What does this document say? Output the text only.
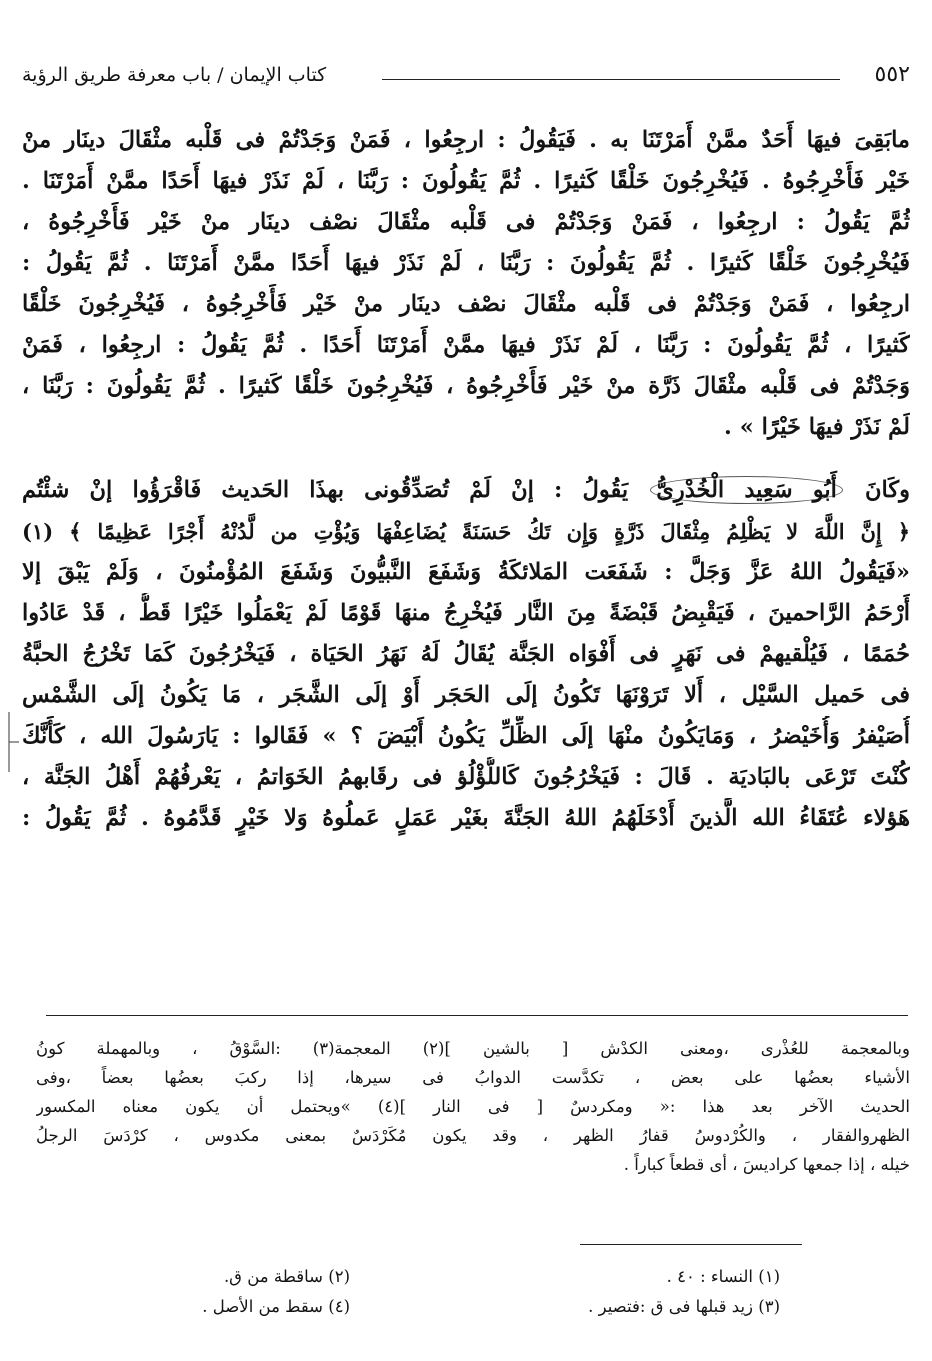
٥٥٢
كتاب الإيمان / باب معرفة طريق الرؤية
مابَقِىَ فيهَا أَحَدٌ ممَّنْ أَمَرْتَنَا به . فَيَقُولُ : ارجِعُوا ، فَمَنْ وَجَدْتُمْ فى قَلْبه مثْقَالَ دينَار منْ
خَيْر فَأَخْرِجُوهُ . فَيُخْرِجُونَ خَلْقًا كَثيرًا . ثُمَّ يَقُولُونَ : رَبَّنَا ، لَمْ نَذَرْ فيهَا أَحَدًا ممَّنْ أَمَرْتَنَا .
ثُمَّ يَقُولُ : ارجِعُوا ، فَمَنْ وَجَدْتُمْ فى قَلْبه مثْقَالَ نصْف دينَار منْ خَيْر فَأَخْرِجُوهُ ،
فَيُخْرِجُونَ خَلْقًا كَثيرًا . ثُمَّ يَقُولُونَ : رَبَّنَا ، لَمْ نَذَرْ فيهَا أَحَدًا ممَّنْ أَمَرْتَنَا . ثُمَّ يَقُولُ :
ارجِعُوا ، فَمَنْ وَجَدْتُمْ فى قَلْبه مثْقَالَ نصْف دينَار منْ خَيْر فَأَخْرِجُوهُ ، فَيُخْرِجُونَ خَلْقًا
كَثيرًا ، ثُمَّ يَقُولُونَ : رَبَّنَا ، لَمْ نَذَرْ فيهَا ممَّنْ أَمَرْتَنَا أَحَدًا . ثُمَّ يَقُولُ : ارجِعُوا ، فَمَنْ
وَجَدْتُمْ فى قَلْبه مثْقَالَ ذَرَّة منْ خَيْر فَأَخْرِجُوهُ ، فَيُخْرِجُونَ خَلْقًا كَثيرًا . ثُمَّ يَقُولُونَ : رَبَّنَا ،
لَمْ نَذَرْ فيهَا خَيْرًا » .
وكَانَ أَبُو سَعِيد الْخُدْرِىُّ يَقُولُ : إنْ لَمْ تُصَدِّقُونى بهذَا الحَديث فَاقْرَؤُوا إنْ شئْتُم
﴿ إِنَّ اللَّهَ لا يَظْلِمُ مِثْقَالَ ذَرَّةٍ وَإِن تَكُ حَسَنَةً يُضَاعِفْهَا وَيُؤْتِ من لَّدُنْهُ أَجْرًا عَظِيمًا ﴾ (١)
«فَيَقُولُ اللهُ عَزَّ وَجَلَّ : شَفَعَت المَلائكَةُ وَشَفَعَ النَّبيُّونَ وَشَفَعَ المُؤْمنُونَ ، وَلَمْ يَبْقَ إلا
أَرْحَمُ الرَّاحمينَ ، فَيَقْبِضُ قَبْضَةً مِنَ النَّار فَيُخْرِجُ منهَا قَوْمًا لَمْ يَعْمَلُوا خَيْرًا قَطُّ ، قَدْ عَادُوا
حُمَمًا ، فَيُلْقيهمْ فى نَهَرٍ فى أَفْوَاه الجَنَّة يُقَالُ لَهُ نَهَرُ الحَيَاة ، فَيَخْرُجُونَ كَمَا تَخْرُجُ الحبَّةُ
فى حَميل السَّيْل ، أَلا تَرَوْنَهَا تَكُونُ إلَى الحَجَر أَوْ إلَى الشَّجَر ، مَا يَكُونُ إلَى الشَّمْس
أُصَيْفرُ وَأُخَيْضرُ ، وَمَايَكُونُ منْهَا إلَى الظِّلِّ يَكُونُ أَبْيَضَ ؟ » فَقَالوا : يَارَسُولَ الله ، كَأَنَّكَ
كُنْتَ تَرْعَى بالبَاديَة . قَالَ : فَيَخْرُجُونَ كَاللُّؤْلُؤ فى رقَابهمُ الخَوَاتمُ ، يَعْرفُهُمْ أَهْلُ الجَنَّة ،
هَؤلاء عُتَقَاءُ الله الَّذينَ أَدْخَلَهُمُ اللهُ الجَنَّةَ بغَيْر عَمَلٍ عَملُوهُ وَلا خَيْرٍ قَدَّمُوهُ . ثُمَّ يَقُولُ :
وبالمعجمة للعُذْرى ،ومعنى الكدْش [ بالشين ](٢) المعجمة(٣) :السَّوْقُ ، وبالمهملة كونُ
الأشياء بعضُها على بعض ، تكدَّست الدوابُ فى سيرها، إذا ركبَ بعضُها بعضاً ،وفى
الحديث الآخر بعد هذا :« ومكردسٌ [ فى النار ](٤) »ويحتمل أن يكون معناه المكسور
الظهروالفقار ، والكُرْدوسُ قفارُ الظهر ، وقد يكون مُكَرْدَسٌ بمعنى مكدوس ، كرْدَسَ الرجلُ
خيله ، إذا جمعها كراديسَ ، أى قطعاً كباراً .
(١) النساء : ٤٠ .
(٢) ساقطة من ق.
(٣) زيد قبلها فى ق :فتصير .
(٤) سقط من الأصل .
